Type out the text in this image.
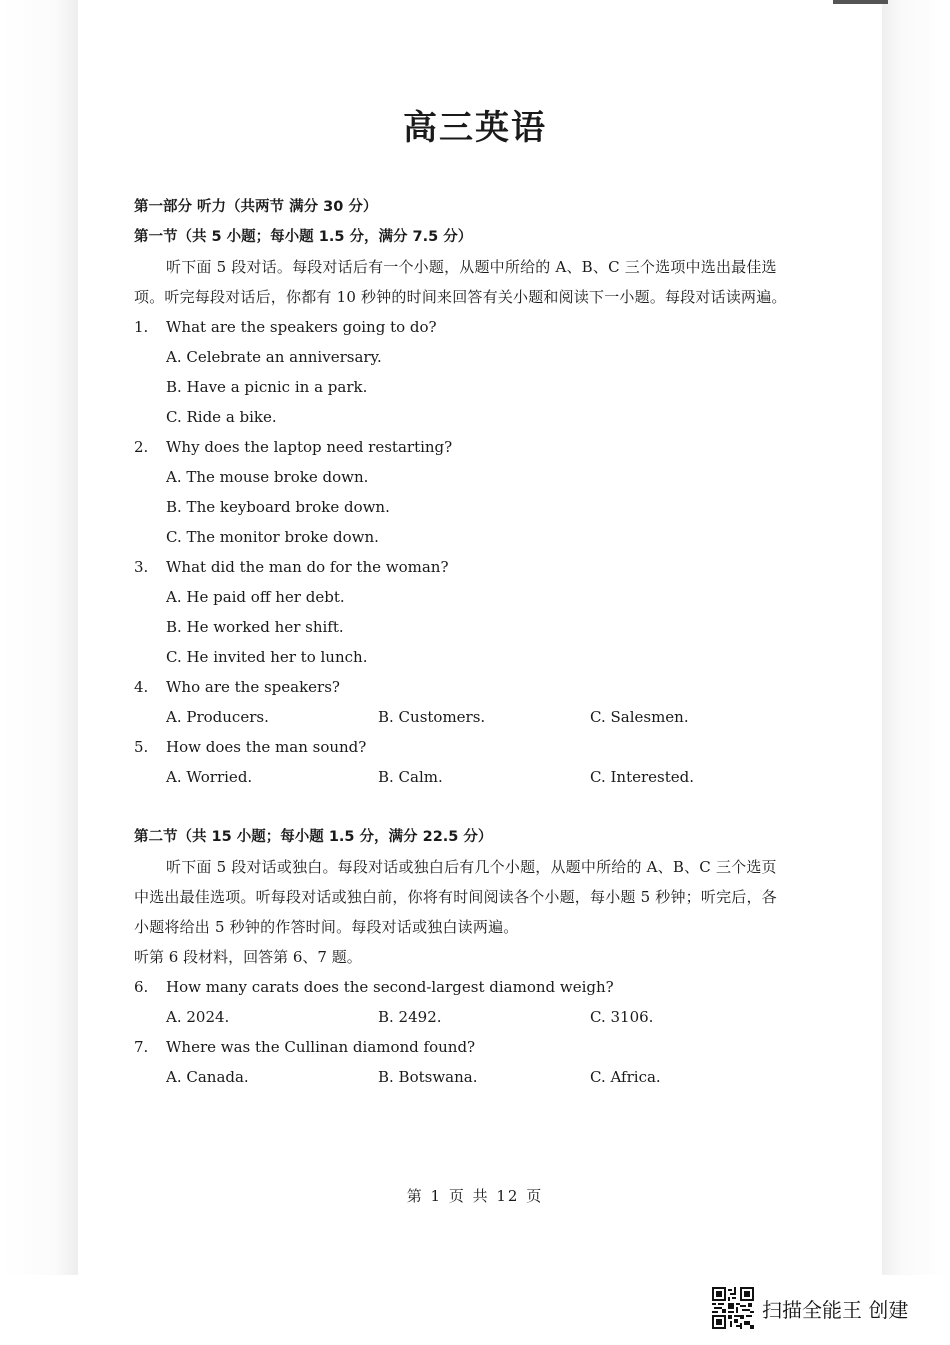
高三英语
第一部分 听力（共两节 满分 30 分）
第一节（共 5 小题；每小题 1.5 分，满分 7.5 分）
听下面 5 段对话。每段对话后有一个小题，从题中所给的 A、B、C 三个选项中选出最佳选
项。听完每段对话后，你都有 10 秒钟的时间来回答有关小题和阅读下一小题。每段对话读两遍。
1.	What are the speakers going to do?
A. Celebrate an anniversary.
B. Have a picnic in a park.
C. Ride a bike.
2.	Why does the laptop need restarting?
A. The mouse broke down.
B. The keyboard broke down.
C. The monitor broke down.
3.	What did the man do for the woman?
A. He paid off her debt.
B. He worked her shift.
C. He invited her to lunch.
4.	Who are the speakers?
A. Producers.	B. Customers.	C. Salesmen.
5.	How does the man sound?
A. Worried.	B. Calm.	C. Interested.
第二节（共 15 小题；每小题 1.5 分，满分 22.5 分）
听下面 5 段对话或独白。每段对话或独白后有几个小题，从题中所给的 A、B、C 三个选页
中选出最佳选项。听每段对话或独白前，你将有时间阅读各个小题，每小题 5 秒钟；听完后，各
小题将给出 5 秒钟的作答时间。每段对话或独白读两遍。
听第 6 段材料，回答第 6、7 题。
6.	How many carats does the second-largest diamond weigh?
A. 2024.	B. 2492.	C. 3106.
7.	Where was the Cullinan diamond found?
A. Canada.	B. Botswana.	C. Africa.
第 1 页 共 12 页
扫描全能王 创建
